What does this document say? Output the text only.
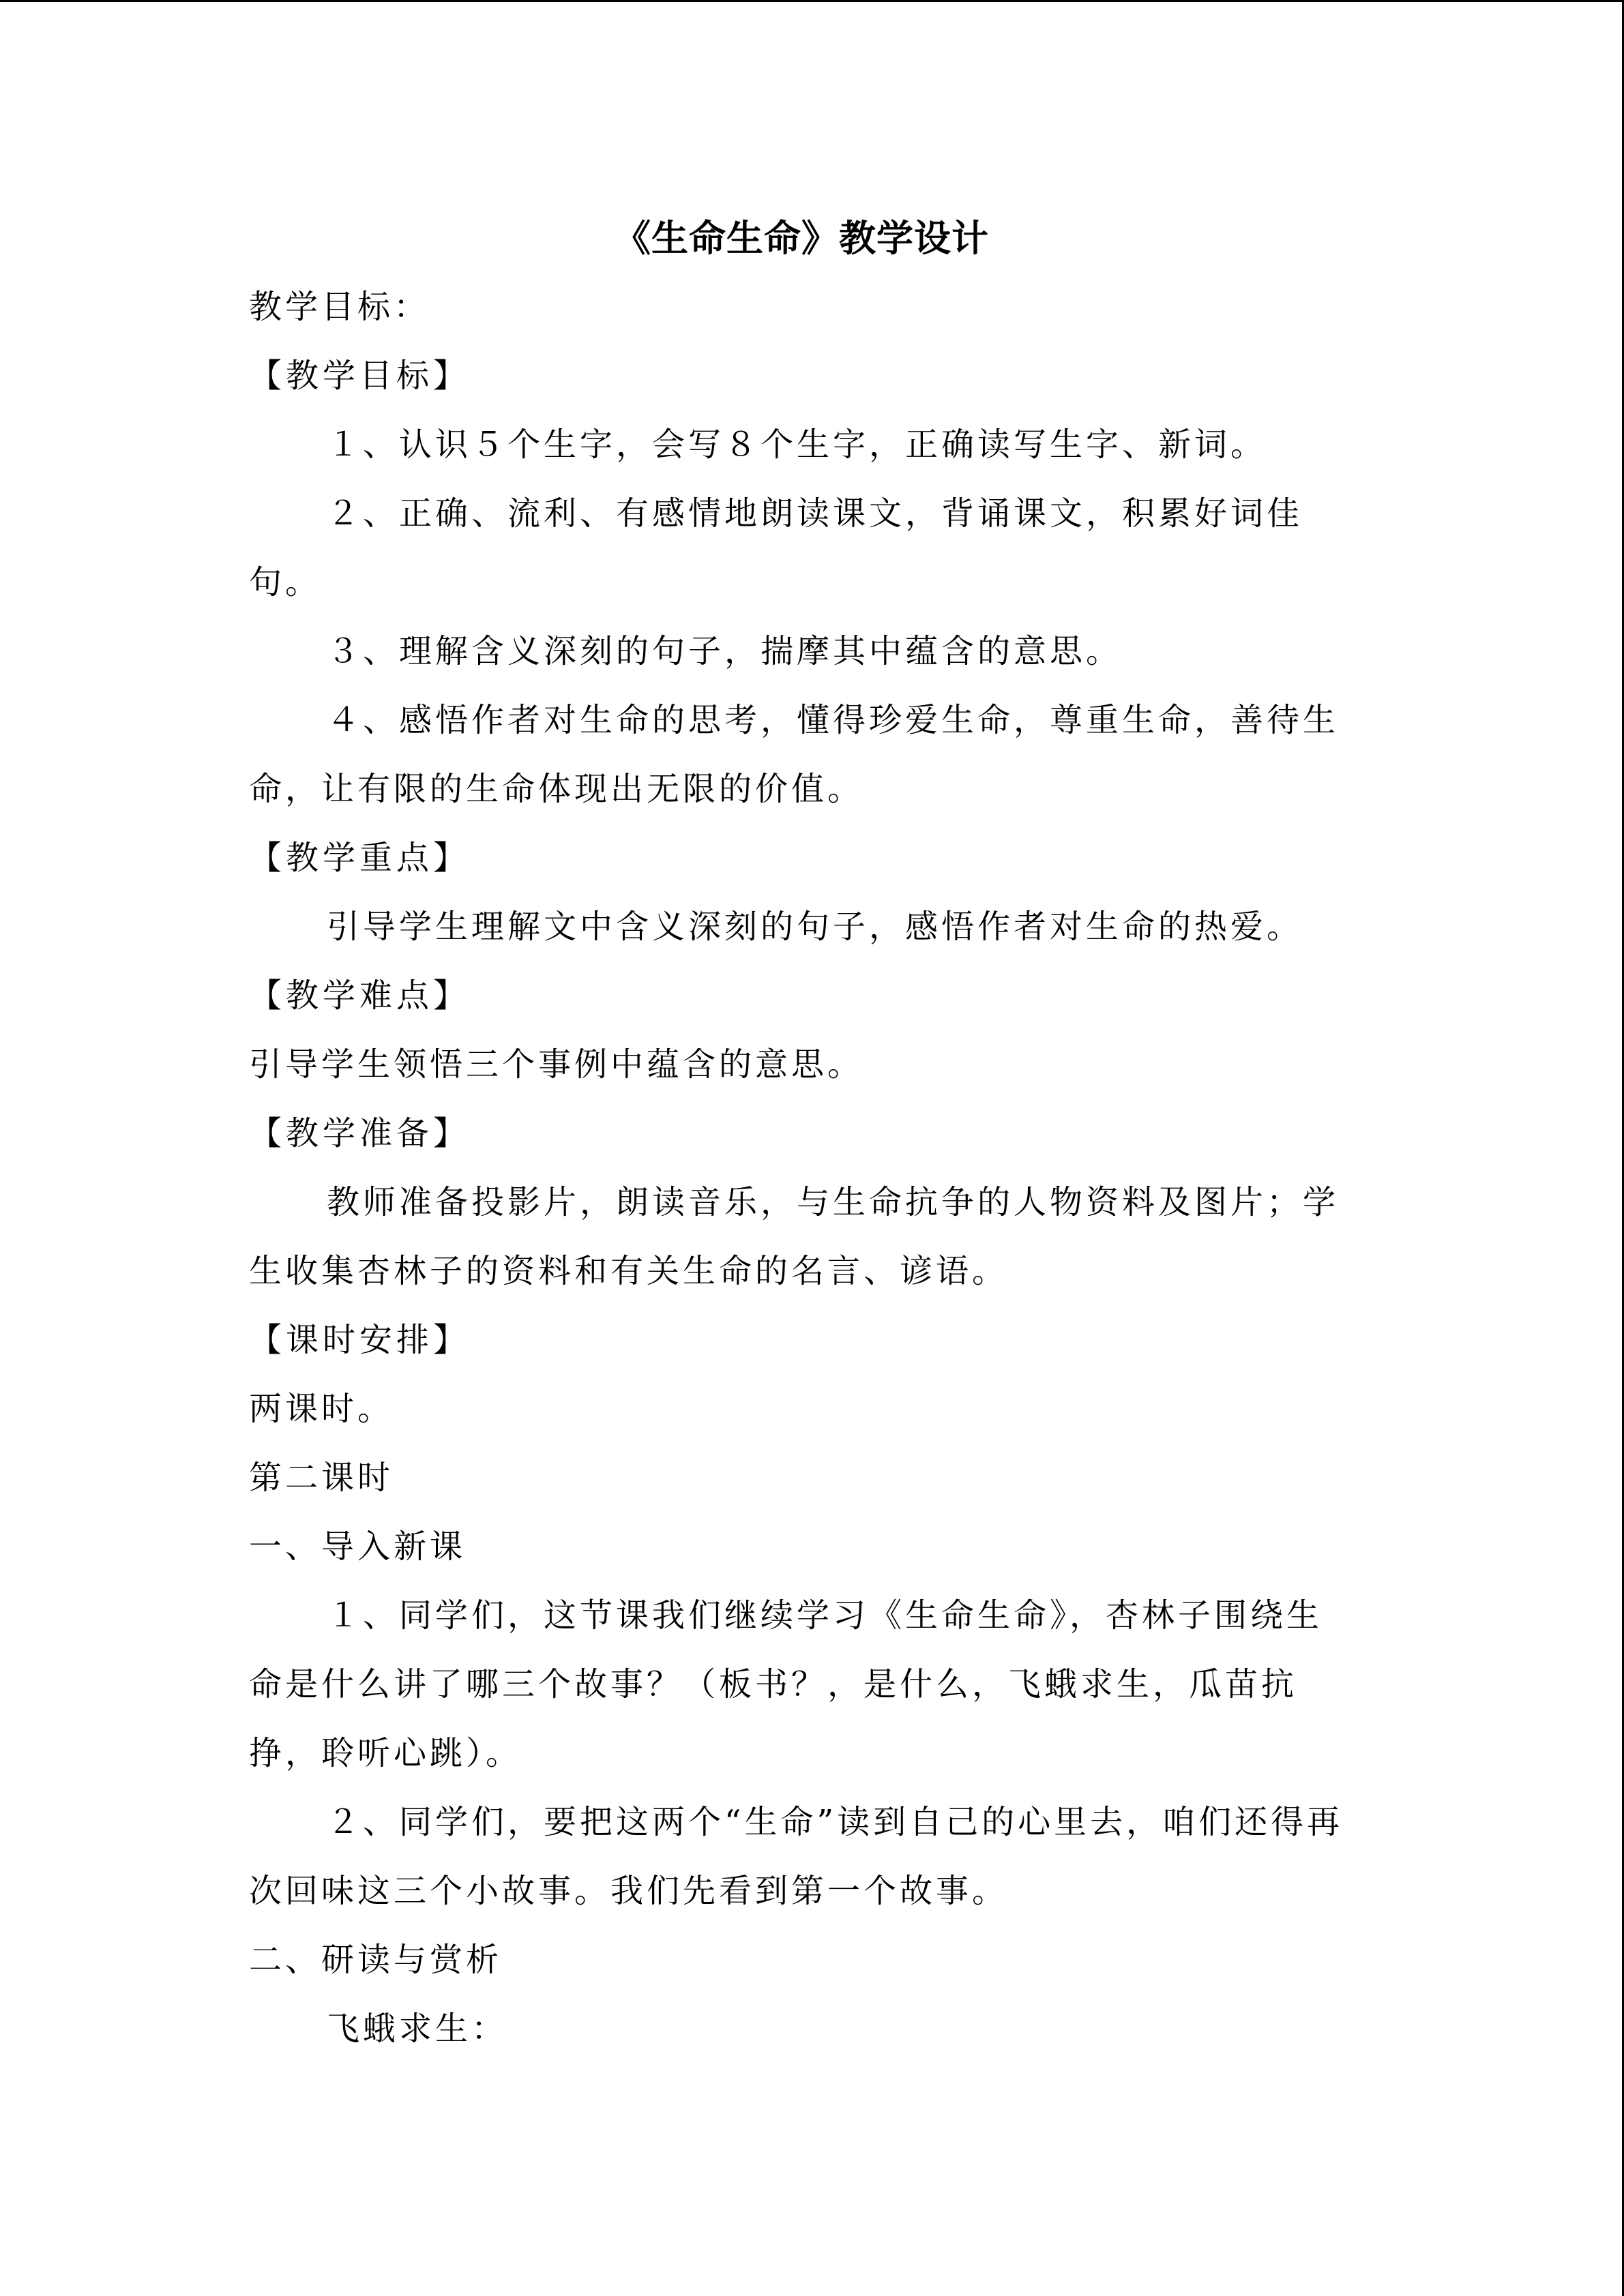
《生命生命》教学设计

教学目标：

【教学目标】

１、认识５个生字，会写８个生字，正确读写生字、新词。

２、正确、流利、有感情地朗读课文，背诵课文，积累好词佳句。

３、理解含义深刻的句子，揣摩其中蕴含的意思。

４、感悟作者对生命的思考，懂得珍爱生命，尊重生命，善待生命，让有限的生命体现出无限的价值。

【教学重点】

引导学生理解文中含义深刻的句子，感悟作者对生命的热爱。

【教学难点】

引导学生领悟三个事例中蕴含的意思。

【教学准备】

教师准备投影片，朗读音乐，与生命抗争的人物资料及图片；学生收集杏林子的资料和有关生命的名言、谚语。

【课时安排】

两课时。

第二课时

一、导入新课

１、同学们，这节课我们继续学习《生命生命》，杏林子围绕生命是什么讲了哪三个故事？（板书？，是什么，飞蛾求生，瓜苗抗挣，聆听心跳）。

２、同学们，要把这两个“生命”读到自己的心里去，咱们还得再次回味这三个小故事。我们先看到第一个故事。

二、研读与赏析

飞蛾求生：
